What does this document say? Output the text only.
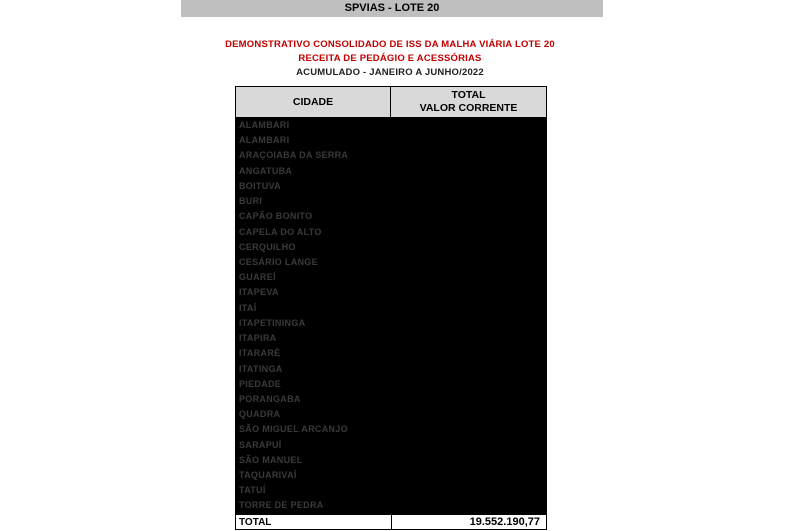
SPVIAS - LOTE 20
DEMONSTRATIVO CONSOLIDADO DE ISS DA MALHA VIÁRIA LOTE 20
RECEITA DE PEDÁGIO E ACESSÓRIAS
ACUMULADO - JANEIRO A JUNHO/2022
CIDADE
TOTAL
VALOR CORRENTE
ALAMBARI
ALAMBARI
ARAÇOIABA DA SERRA
ANGATUBA
BOITUVA
BURI
CAPÃO BONITO
CAPELA DO ALTO
CERQUILHO
CESÁRIO LANGE
GUAREÍ
ITAPEVA
ITAÍ
ITAPETININGA
ITAPIRA
ITARARÉ
ITATINGA
PIEDADE
PORANGABA
QUADRA
SÃO MIGUEL ARCANJO
SARAPUÍ
SÃO MANUEL
TAQUARIVAÍ
TATUÍ
TORRE DE PEDRA
TOTAL	19.552.190,77
